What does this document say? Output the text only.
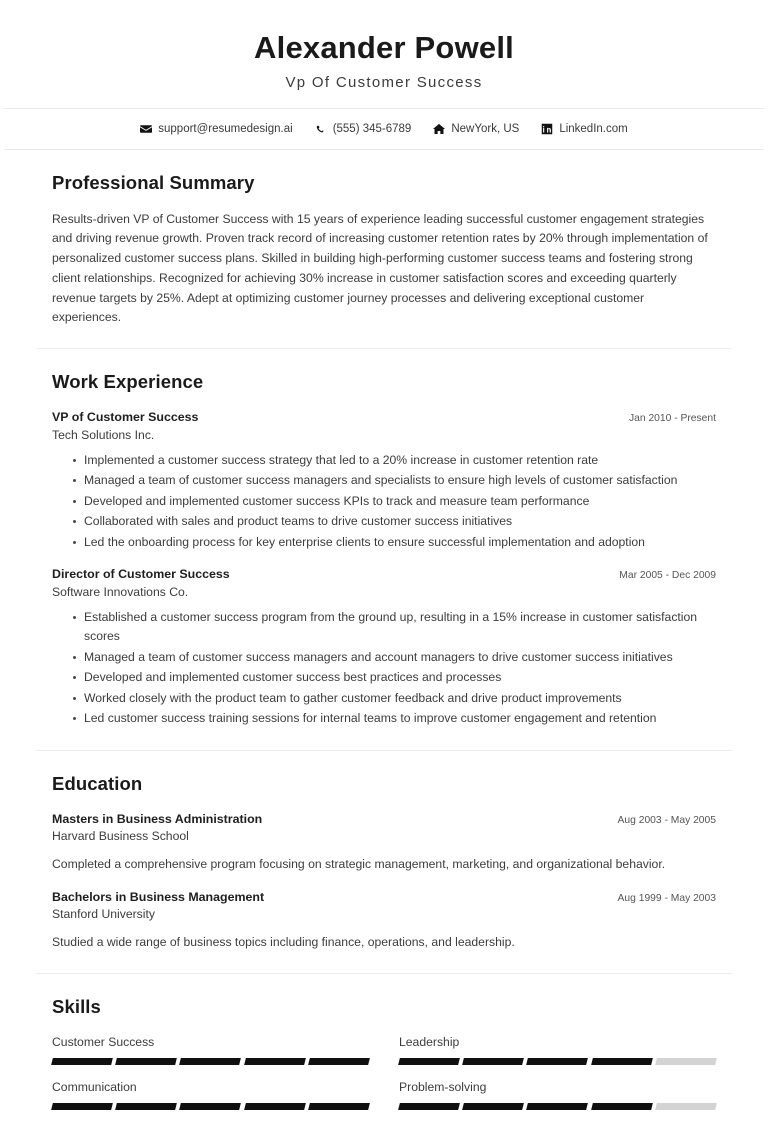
Alexander Powell
Vp Of Customer Success
support@resumedesign.ai	(555) 345-6789	NewYork, US	LinkedIn.com
Professional Summary

Results-driven VP of Customer Success with 15 years of experience leading successful customer engagement strategies and driving revenue growth. Proven track record of increasing customer retention rates by 20% through implementation of personalized customer success plans. Skilled in building high-performing customer success teams and fostering strong client relationships. Recognized for achieving 30% increase in customer satisfaction scores and exceeding quarterly revenue targets by 25%. Adept at optimizing customer journey processes and delivering exceptional customer experiences.

Work Experience
VP of Customer Success	Jan 2010 - Present
Tech Solutions Inc.
Implemented a customer success strategy that led to a 20% increase in customer retention rate
Managed a team of customer success managers and specialists to ensure high levels of customer satisfaction
Developed and implemented customer success KPIs to track and measure team performance
Collaborated with sales and product teams to drive customer success initiatives
Led the onboarding process for key enterprise clients to ensure successful implementation and adoption
Director of Customer Success	Mar 2005 - Dec 2009
Software Innovations Co.
Established a customer success program from the ground up, resulting in a 15% increase in customer satisfaction scores
Managed a team of customer success managers and account managers to drive customer success initiatives
Developed and implemented customer success best practices and processes
Worked closely with the product team to gather customer feedback and drive product improvements
Led customer success training sessions for internal teams to improve customer engagement and retention
Education
Masters in Business Administration	Aug 2003 - May 2005
Harvard Business School
Completed a comprehensive program focusing on strategic management, marketing, and organizational behavior.
Bachelors in Business Management	Aug 1999 - May 2003
Stanford University
Studied a wide range of business topics including finance, operations, and leadership.
Skills
Customer Success	Leadership
Communication	Problem-solving
